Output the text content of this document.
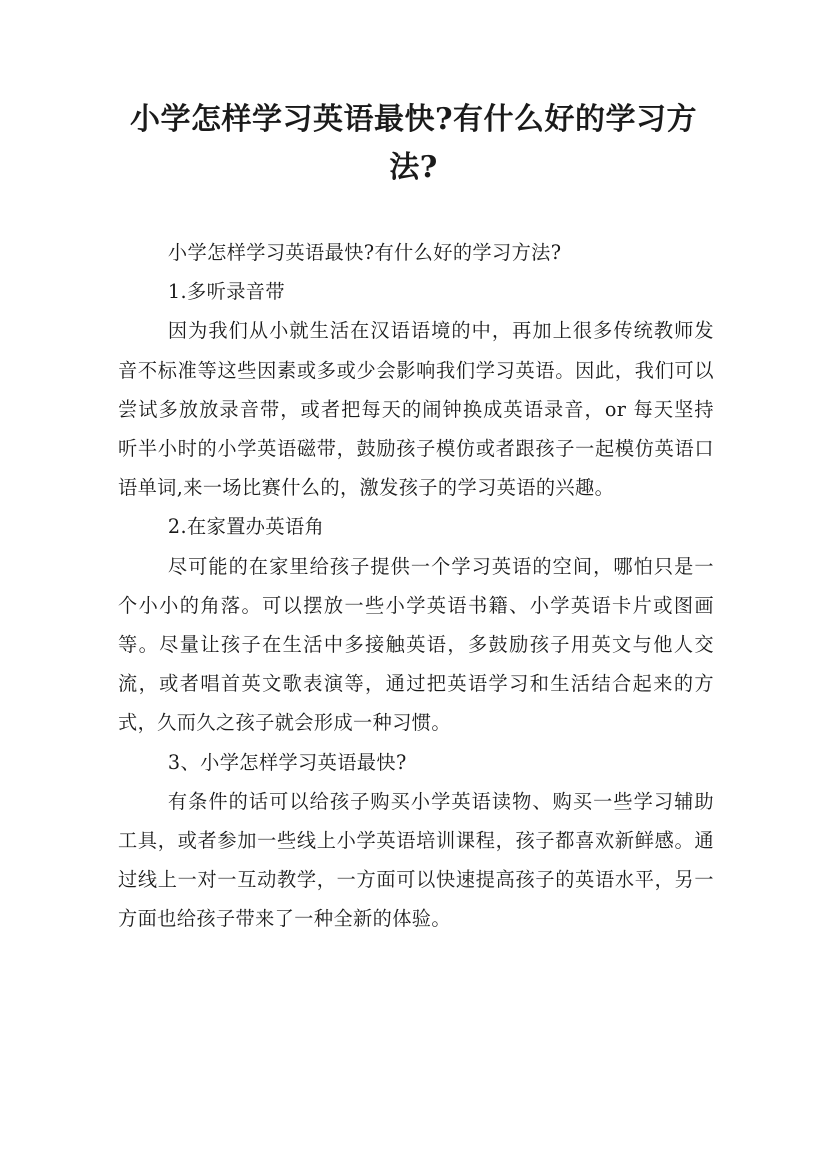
小学怎样学习英语最快?有什么好的学习方法?

小学怎样学习英语最快?有什么好的学习方法?

1.多听录音带

因为我们从小就生活在汉语语境的中，再加上很多传统教师发音不标准等这些因素或多或少会影响我们学习英语。因此，我们可以尝试多放放录音带，或者把每天的闹钟换成英语录音，or 每天坚持听半小时的小学英语磁带，鼓励孩子模仿或者跟孩子一起模仿英语口语单词,来一场比赛什么的，激发孩子的学习英语的兴趣。

2.在家置办英语角

尽可能的在家里给孩子提供一个学习英语的空间，哪怕只是一个小小的角落。可以摆放一些小学英语书籍、小学英语卡片或图画等。尽量让孩子在生活中多接触英语，多鼓励孩子用英文与他人交流，或者唱首英文歌表演等，通过把英语学习和生活结合起来的方式，久而久之孩子就会形成一种习惯。

3、小学怎样学习英语最快?

有条件的话可以给孩子购买小学英语读物、购买一些学习辅助工具，或者参加一些线上小学英语培训课程，孩子都喜欢新鲜感。通过线上一对一互动教学，一方面可以快速提高孩子的英语水平，另一方面也给孩子带来了一种全新的体验。
